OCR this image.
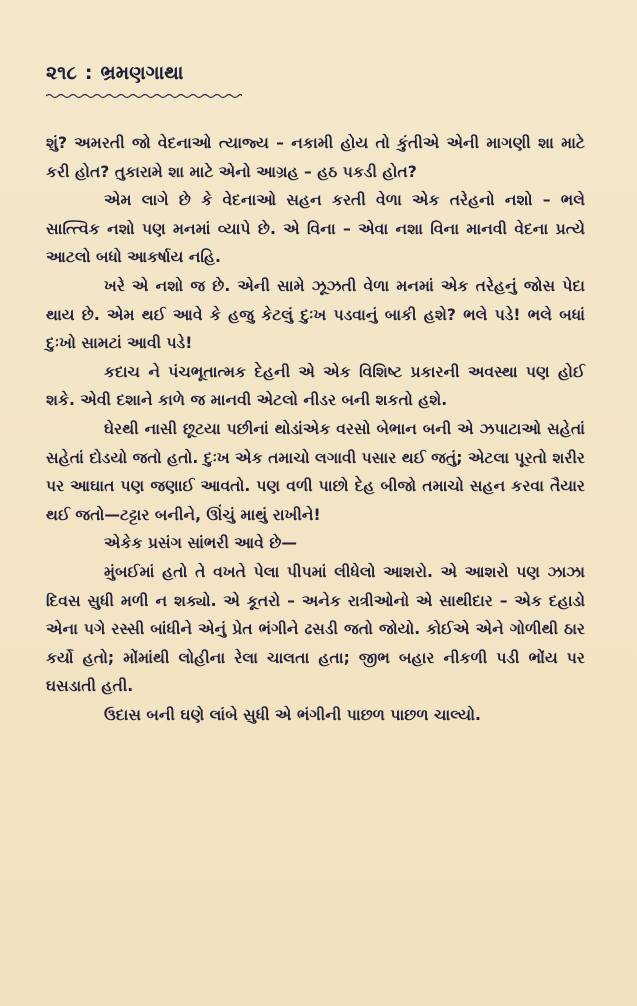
૨૧૮ : ભ્રમણગાથા

શું? અમરતી જો વેદનાઓ ત્યાજ્ય – નકામી હોય તો કુંતીએ એની માગણી શા માટે કરી હોત? તુકારામે શા માટે એનો આગ્રહ – હઠ પકડી હોત?

એમ લાગે છે કે વેદનાઓ સહન કરતી વેળા એક તરેહનો નશો – ભલે સાત્ત્વિક નશો પણ મનમાં વ્યાપે છે. એ વિના – એવા નશા વિના માનવી વેદના પ્રત્યે આટલો બધો આકર્ષાય નહિ.

ખરે એ નશો જ છે. એની સામે ઝૂઝતી વેળા મનમાં એક તરેહનું જોસ પેદા થાય છે. એમ થઈ આવે કે હજુ કેટલું દુઃખ પડવાનું બાકી હશે? ભલે પડે! ભલે બધાં દુઃખો સામટાં આવી પડે!

કદાચ ને પંચભૂતાત્મક દેહની એ એક વિશિષ્ટ પ્રકારની અવસ્થા પણ હોઈ શકે. એવી દશાને કાળે જ માનવી એટલો નીડર બની શકતો હશે.

ઘેરથી નાસી છૂટયા પછીનાં થોડાંએક વરસો બેભાન બની એ ઝપાટાઓ સહેતાં સહેતાં દોડયો જતો હતો. દુઃખ એક તમાચો લગાવી પસાર થઈ જતું; એટલા પૂરતો શરીર પર આઘાત પણ જણાઈ આવતો. પણ વળી પાછો દેહ બીજો તમાચો સહન કરવા તૈયાર થઈ જતો—ટટ્ટાર બનીને, ઊંચું માથું રાખીને!

એકેક પ્રસંગ સાંભરી આવે છે—

મુંબઈમાં હતો તે વખતે પેલા પીપમાં લીધેલો આશરો. એ આશરો પણ ઝાઝા દિવસ સુધી મળી ન શક્યો. એ કૂતરો – અનેક રાત્રીઓનો એ સાથીદાર – એક દહાડો એના પગે રસ્સી બાંધીને એનું પ્રેત ભંગીને ઢસડી જતો જોયો. કોઈએ એને ગોળીથી ઠાર કર્યો હતો; મોંમાંથી લોહીના રેલા ચાલતા હતા; જીભ બહાર નીકળી પડી ભોંય પર ઘસડાતી હતી.

ઉદાસ બની ઘણે લાંબે સુધી એ ભંગીની પાછળ પાછળ ચાલ્યો.
